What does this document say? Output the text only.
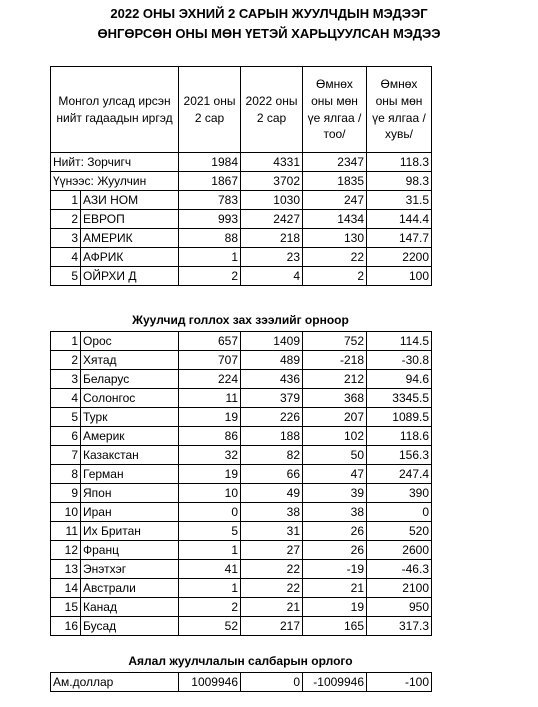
2022 ОНЫ ЭХНИЙ 2 САРЫН ЖУУЛЧДЫН МЭДЭЭГ
ӨНГӨРСӨН ОНЫ МӨН ҮЕТЭЙ ХАРЬЦУУЛСАН МЭДЭЭ
Монгол улсад ирсэн нийт гадаадын иргэд		2021 оны 2 сар	2022 оны 2 сар	Өмнөх оны мөн үе ялгаа /тоо/	Өмнөх оны мөн үе ялгаа /хувь/
Нийт: Зорчигч		1984	4331	2347	118.3
Үүнээс: Жуулчин		1867	3702	1835	98.3
1	АЗИ НОМ	783	1030	247	31.5
2	ЕВРОП	993	2427	1434	144.4
3	АМЕРИК	88	218	130	147.7
4	АФРИК	1	23	22	2200
5	ОЙРХИ Д	2	4	2	100
Жуулчид голлох зах зээлийг орноор
1	Орос	657	1409	752	114.5
2	Хятад	707	489	-218	-30.8
3	Беларус	224	436	212	94.6
4	Солонгос	11	379	368	3345.5
5	Турк	19	226	207	1089.5
6	Америк	86	188	102	118.6
7	Казакстан	32	82	50	156.3
8	Герман	19	66	47	247.4
9	Япон	10	49	39	390
10	Иран	0	38	38	0
11	Их Британ	5	31	26	520
12	Франц	1	27	26	2600
13	Энэтхэг	41	22	-19	-46.3
14	Австрали	1	22	21	2100
15	Канад	2	21	19	950
16	Бусад	52	217	165	317.3
Аялал жуулчлалын салбарын орлого
Ам.доллар	1009946	0	-1009946	-100
